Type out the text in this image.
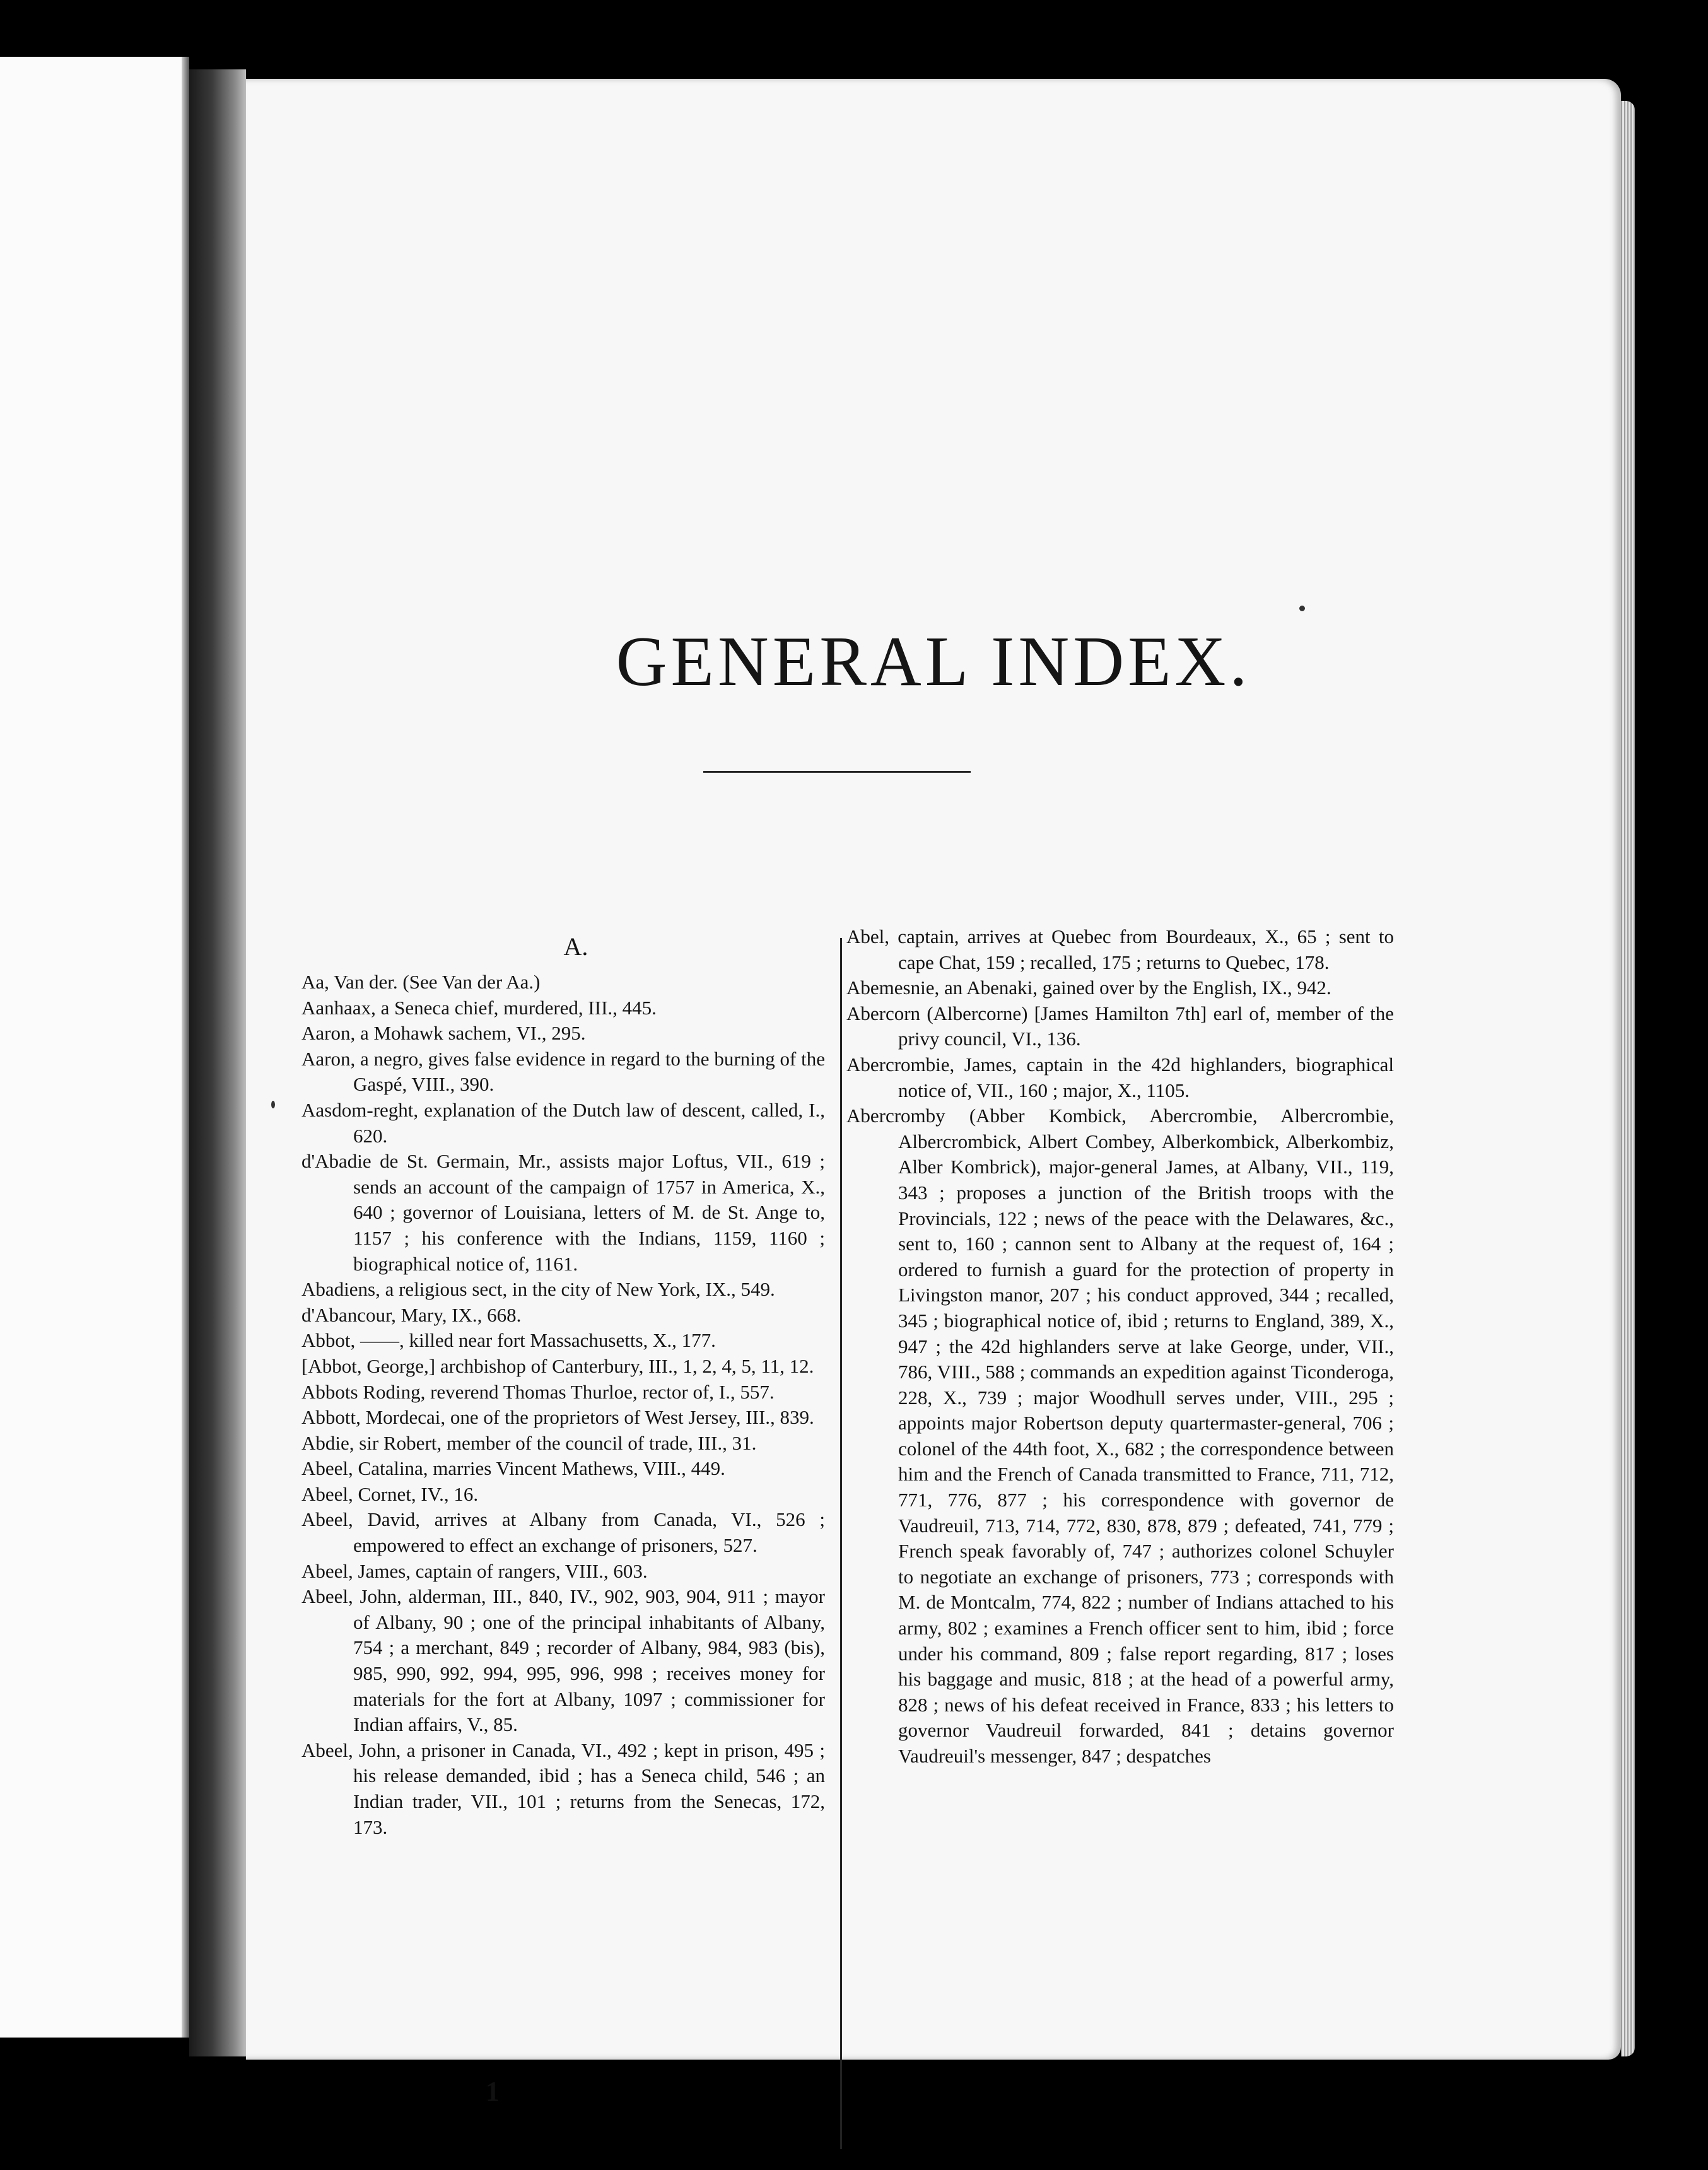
GENERAL INDEX.
A.
Aa, Van der. (See Van der Aa.)
Aanhaax, a Seneca chief, murdered, III., 445.
Aaron, a Mohawk sachem, VI., 295.
Aaron, a negro, gives false evidence in regard to the burning of the Gaspé, VIII., 390.
Aasdom-reght, explanation of the Dutch law of descent, called, I., 620.
d'Abadie de St. Germain, Mr., assists major Loftus, VII., 619 ; sends an account of the campaign of 1757 in America, X., 640 ; governor of Louisiana, letters of M. de St. Ange to, 1157 ; his conference with the Indians, 1159, 1160 ; biographical notice of, 1161.
Abadiens, a religious sect, in the city of New York, IX., 549.
d'Abancour, Mary, IX., 668.
Abbot, ——, killed near fort Massachusetts, X., 177.
[Abbot, George,] archbishop of Canterbury, III., 1, 2, 4, 5, 11, 12.
Abbots Roding, reverend Thomas Thurloe, rector of, I., 557.
Abbott, Mordecai, one of the proprietors of West Jersey, III., 839.
Abdie, sir Robert, member of the council of trade, III., 31.
Abeel, Catalina, marries Vincent Mathews, VIII., 449.
Abeel, Cornet, IV., 16.
Abeel, David, arrives at Albany from Canada, VI., 526 ; empowered to effect an exchange of prisoners, 527.
Abeel, James, captain of rangers, VIII., 603.
Abeel, John, alderman, III., 840, IV., 902, 903, 904, 911 ; mayor of Albany, 90 ; one of the principal inhabitants of Albany, 754 ; a merchant, 849 ; recorder of Albany, 984, 983 (bis), 985, 990, 992, 994, 995, 996, 998 ; receives money for materials for the fort at Albany, 1097 ; commissioner for Indian affairs, V., 85.
Abeel, John, a prisoner in Canada, VI., 492 ; kept in prison, 495 ; his release demanded, ibid ; has a Seneca child, 546 ; an Indian trader, VII., 101 ; returns from the Senecas, 172, 173.
Abel, captain, arrives at Quebec from Bourdeaux, X., 65 ; sent to cape Chat, 159 ; recalled, 175 ; returns to Quebec, 178.
Abemesnie, an Abenaki, gained over by the English, IX., 942.
Abercorn (Albercorne) [James Hamilton 7th] earl of, member of the privy council, VI., 136.
Abercrombie, James, captain in the 42d highlanders, biographical notice of, VII., 160 ; major, X., 1105.
Abercromby (Abber Kombick, Abercrombie, Albercrombie, Albercrombick, Albert Combey, Alberkombick, Alberkombiz, Alber Kombrick), major-general James, at Albany, VII., 119, 343 ; proposes a junction of the British troops with the Provincials, 122 ; news of the peace with the Delawares, &c., sent to, 160 ; cannon sent to Albany at the request of, 164 ; ordered to furnish a guard for the protection of property in Livingston manor, 207 ; his conduct approved, 344 ; recalled, 345 ; biographical notice of, ibid ; returns to England, 389, X., 947 ; the 42d highlanders serve at lake George, under, VII., 786, VIII., 588 ; commands an expedition against Ticonderoga, 228, X., 739 ; major Woodhull serves under, VIII., 295 ; appoints major Robertson deputy quartermaster-general, 706 ; colonel of the 44th foot, X., 682 ; the correspondence between him and the French of Canada transmitted to France, 711, 712, 771, 776, 877 ; his correspondence with governor de Vaudreuil, 713, 714, 772, 830, 878, 879 ; defeated, 741, 779 ; French speak favorably of, 747 ; authorizes colonel Schuyler to negotiate an exchange of prisoners, 773 ; corresponds with M. de Montcalm, 774, 822 ; number of Indians attached to his army, 802 ; examines a French officer sent to him, ibid ; force under his command, 809 ; false report regarding, 817 ; loses his baggage and music, 818 ; at the head of a powerful army, 828 ; news of his defeat received in France, 833 ; his letters to governor Vaudreuil forwarded, 841 ; detains governor Vaudreuil's messenger, 847 ; despatches

1
